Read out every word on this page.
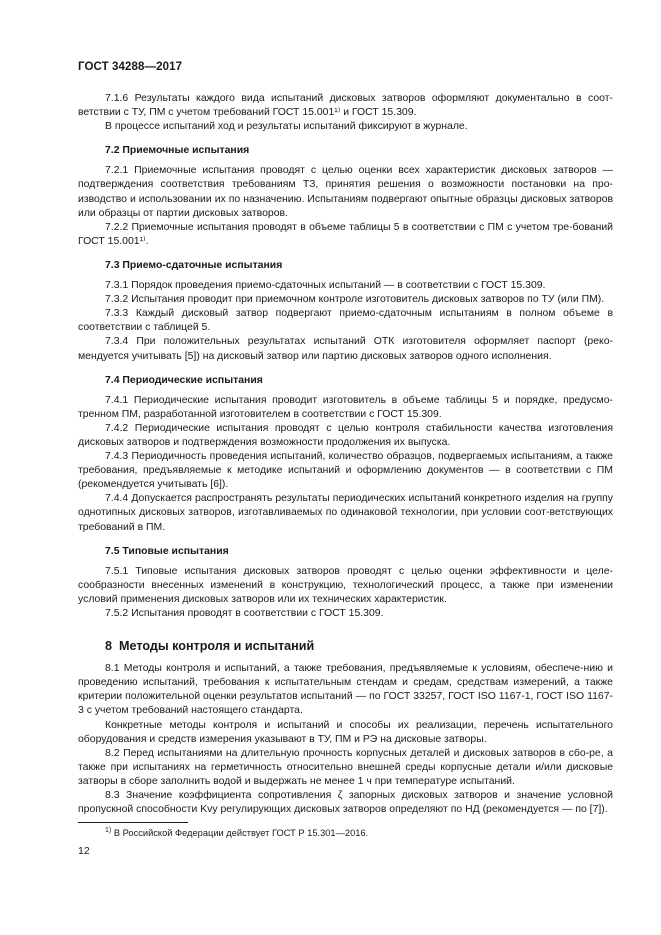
ГОСТ 34288—2017

7.1.6 Результаты каждого вида испытаний дисковых затворов оформляют документально в соот-ветствии с ТУ, ПМ с учетом требований ГОСТ 15.001¹⁾ и ГОСТ 15.309.

В процессе испытаний ход и результаты испытаний фиксируют в журнале.

7.2 Приемочные испытания

7.2.1 Приемочные испытания проводят с целью оценки всех характеристик дисковых затворов — подтверждения соответствия требованиям ТЗ, принятия решения о возможности постановки на про-изводство и использовании их по назначению. Испытаниям подвергают опытные образцы дисковых затворов или образцы от партии дисковых затворов.

7.2.2 Приемочные испытания проводят в объеме таблицы 5 в соответствии с ПМ с учетом тре-бований ГОСТ 15.001¹⁾.

7.3 Приемо-сдаточные испытания

7.3.1 Порядок проведения приемо-сдаточных испытаний — в соответствии с ГОСТ 15.309.

7.3.2 Испытания проводит при приемочном контроле изготовитель дисковых затворов по ТУ (или ПМ).

7.3.3 Каждый дисковый затвор подвергают приемо-сдаточным испытаниям в полном объеме в соответствии с таблицей 5.

7.3.4 При положительных результатах испытаний ОТК изготовителя оформляет паспорт (реко-мендуется учитывать [5]) на дисковый затвор или партию дисковых затворов одного исполнения.

7.4 Периодические испытания

7.4.1 Периодические испытания проводит изготовитель в объеме таблицы 5 и порядке, предусмо-тренном ПМ, разработанной изготовителем в соответствии с ГОСТ 15.309.

7.4.2 Периодические испытания проводят с целью контроля стабильности качества изготовления дисковых затворов и подтверждения возможности продолжения их выпуска.

7.4.3 Периодичность проведения испытаний, количество образцов, подвергаемых испытаниям, а также требования, предъявляемые к методике испытаний и оформлению документов — в соответствии с ПМ (рекомендуется учитывать [6]).

7.4.4 Допускается распространять результаты периодических испытаний конкретного изделия на группу однотипных дисковых затворов, изготавливаемых по одинаковой технологии, при условии соот-ветствующих требований в ПМ.

7.5 Типовые испытания

7.5.1 Типовые испытания дисковых затворов проводят с целью оценки эффективности и целе-сообразности внесенных изменений в конструкцию, технологический процесс, а также при изменении условий применения дисковых затворов или их технических характеристик.

7.5.2 Испытания проводят в соответствии с ГОСТ 15.309.

8 Методы контроля и испытаний

8.1 Методы контроля и испытаний, а также требования, предъявляемые к условиям, обеспече-нию и проведению испытаний, требования к испытательным стендам и средам, средствам измерений, а также критерии положительной оценки результатов испытаний — по ГОСТ 33257, ГОСТ ISO 1167-1, ГОСТ ISO 1167-3 с учетом требований настоящего стандарта.

Конкретные методы контроля и испытаний и способы их реализации, перечень испытательного оборудования и средств измерения указывают в ТУ, ПМ и РЭ на дисковые затворы.

8.2 Перед испытаниями на длительную прочность корпусных деталей и дисковых затворов в сбо-ре, а также при испытаниях на герметичность относительно внешней среды корпусные детали и/или дисковые затворы в сборе заполнить водой и выдержать не менее 1 ч при температуре испытаний.

8.3 Значение коэффициента сопротивления ζ запорных дисковых затворов и значение условной пропускной способности Kvy регулирующих дисковых затворов определяют по НД (рекомендуется — по [7]).

$^{1)}$ В Российской Федерации действует ГОСТ Р 15.301—2016.
12
